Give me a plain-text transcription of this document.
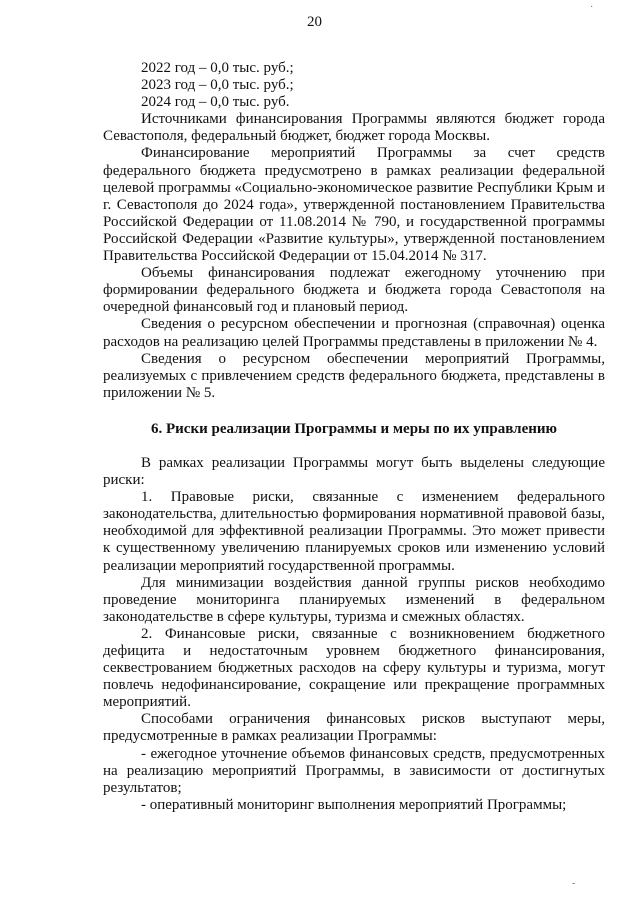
20
2022 год – 0,0 тыс. руб.;
2023 год – 0,0 тыс. руб.;
2024 год – 0,0 тыс. руб.

Источниками финансирования Программы являются бюджет города Севастополя, федеральный бюджет, бюджет города Москвы.

Финансирование мероприятий Программы за счет средств федерального бюджета предусмотрено в рамках реализации федеральной целевой программы «Социально-экономическое развитие Республики Крым и г. Севастополя до 2024 года», утвержденной постановлением Правительства Российской Федерации от 11.08.2014 № 790, и государственной программы Российской Федерации «Развитие культуры», утвержденной постановлением Правительства Российской Федерации от 15.04.2014 № 317.

Объемы финансирования подлежат ежегодному уточнению при формировании федерального бюджета и бюджета города Севастополя на очередной финансовый год и плановый период.

Сведения о ресурсном обеспечении и прогнозная (справочная) оценка расходов на реализацию целей Программы представлены в приложении № 4.

Сведения о ресурсном обеспечении мероприятий Программы, реализуемых с привлечением средств федерального бюджета, представлены в приложении № 5.

6. Риски реализации Программы и меры по их управлению

В рамках реализации Программы могут быть выделены следующие риски:

1. Правовые риски, связанные с изменением федерального законодательства, длительностью формирования нормативной правовой базы, необходимой для эффективной реализации Программы. Это может привести к существенному увеличению планируемых сроков или изменению условий реализации мероприятий государственной программы.

Для минимизации воздействия данной группы рисков необходимо проведение мониторинга планируемых изменений в федеральном законодательстве в сфере культуры, туризма и смежных областях.

2. Финансовые риски, связанные с возникновением бюджетного дефицита и недостаточным уровнем бюджетного финансирования, секвестрованием бюджетных расходов на сферу культуры и туризма, могут повлечь недофинансирование, сокращение или прекращение программных мероприятий.

Способами ограничения финансовых рисков выступают меры, предусмотренные в рамках реализации Программы:

- ежегодное уточнение объемов финансовых средств, предусмотренных на реализацию мероприятий Программы, в зависимости от достигнутых результатов;

- оперативный мониторинг выполнения мероприятий Программы;

·
-
